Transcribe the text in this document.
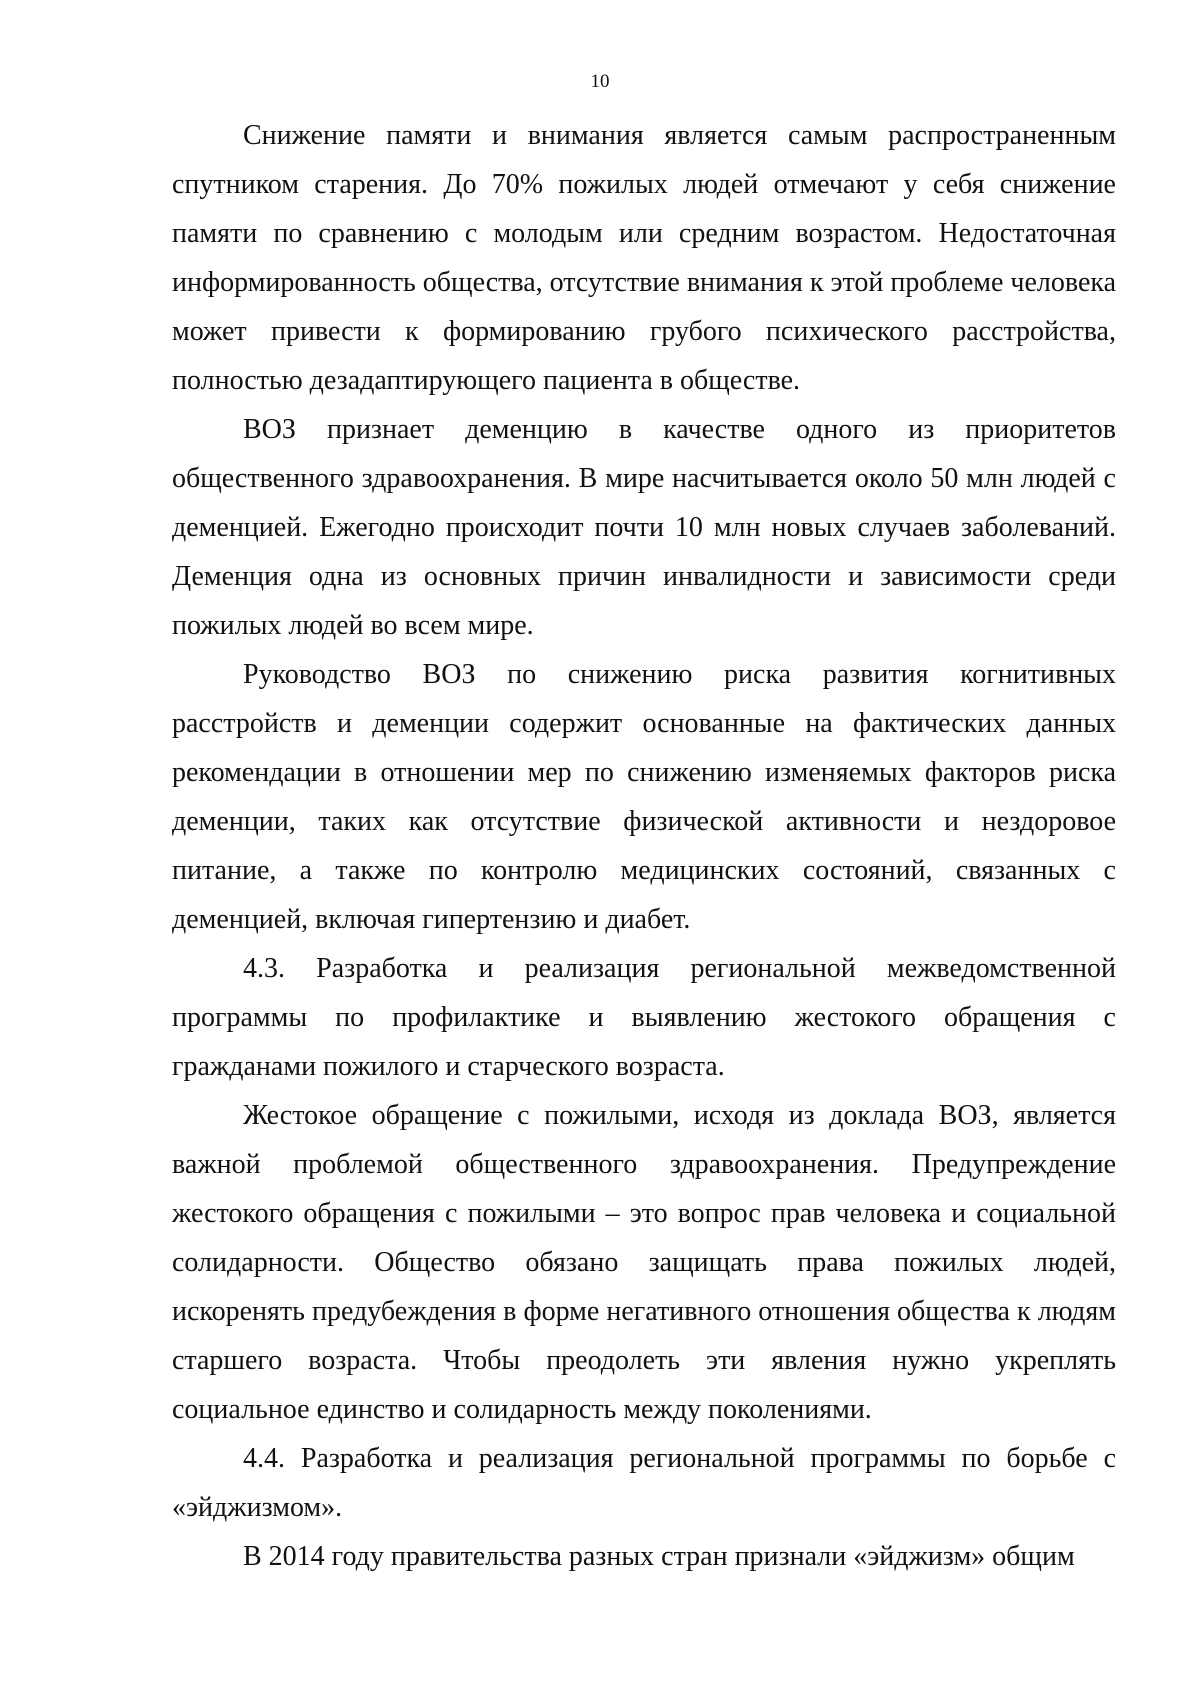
10

Снижение памяти и внимания является самым распространенным спутником старения. До 70% пожилых людей отмечают у себя снижение памяти по сравнению с молодым или средним возрастом. Недостаточная информированность общества, отсутствие внимания к этой проблеме человека может привести к формированию грубого психического расстройства, полностью дезадаптирующего пациента в обществе.

ВОЗ признает деменцию в качестве одного из приоритетов общественного здравоохранения. В мире насчитывается около 50 млн людей с деменцией. Ежегодно происходит почти 10 млн новых случаев заболеваний. Деменция одна из основных причин инвалидности и зависимости среди пожилых людей во всем мире.

Руководство ВОЗ по снижению риска развития когнитивных расстройств и деменции содержит основанные на фактических данных рекомендации в отношении мер по снижению изменяемых факторов риска деменции, таких как отсутствие физической активности и нездоровое питание, а также по контролю медицинских состояний, связанных с деменцией, включая гипертензию и диабет.

4.3. Разработка и реализация региональной межведомственной программы по профилактике и выявлению жестокого обращения с гражданами пожилого и старческого возраста.

Жестокое обращение с пожилыми, исходя из доклада ВОЗ, является важной проблемой общественного здравоохранения. Предупреждение жестокого обращения с пожилыми – это вопрос прав человека и социальной солидарности. Общество обязано защищать права пожилых людей, искоренять предубеждения в форме негативного отношения общества к людям старшего возраста. Чтобы преодолеть эти явления нужно укреплять социальное единство и солидарность между поколениями.

4.4. Разработка и реализация региональной программы по борьбе с «эйджизмом».

В 2014 году правительства разных стран признали «эйджизм» общим
